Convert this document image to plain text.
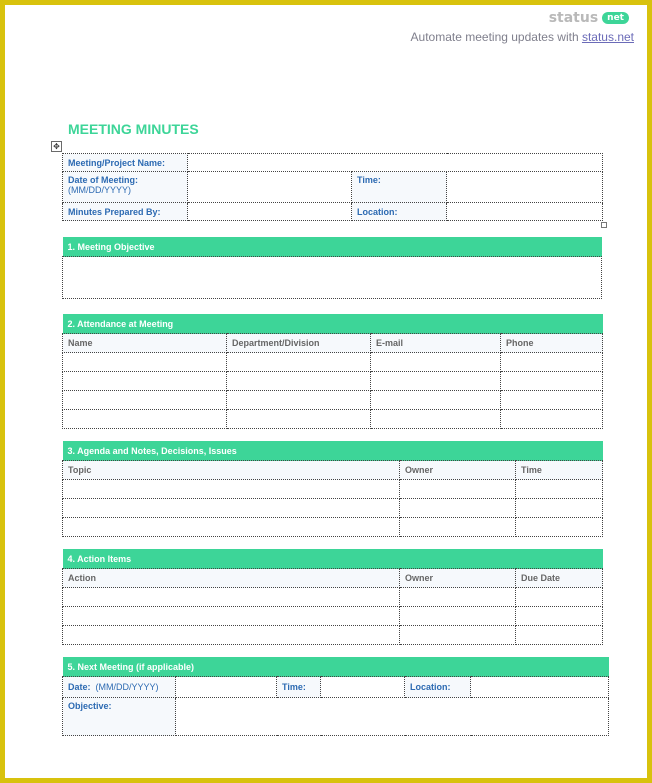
status	net
Automate meeting updates with status.net
MEETING MINUTES
✥
Meeting/Project Name:			

Date of Meeting:
(MM/DD/YYYY)		Time:	
Minutes Prepared By:		Location:	
1. Meeting Objective

2. Attendance at Meeting			
Name	Department/Division	E-mail	Phone

3. Agenda and Notes, Decisions, Issues		
Topic	Owner	Time

4. Action Items		
Action	Owner	Due Date

5. Next Meeting (if applicable)					
Date: (MM/DD/YYYY)		Time:		Location:	
Objective:					
